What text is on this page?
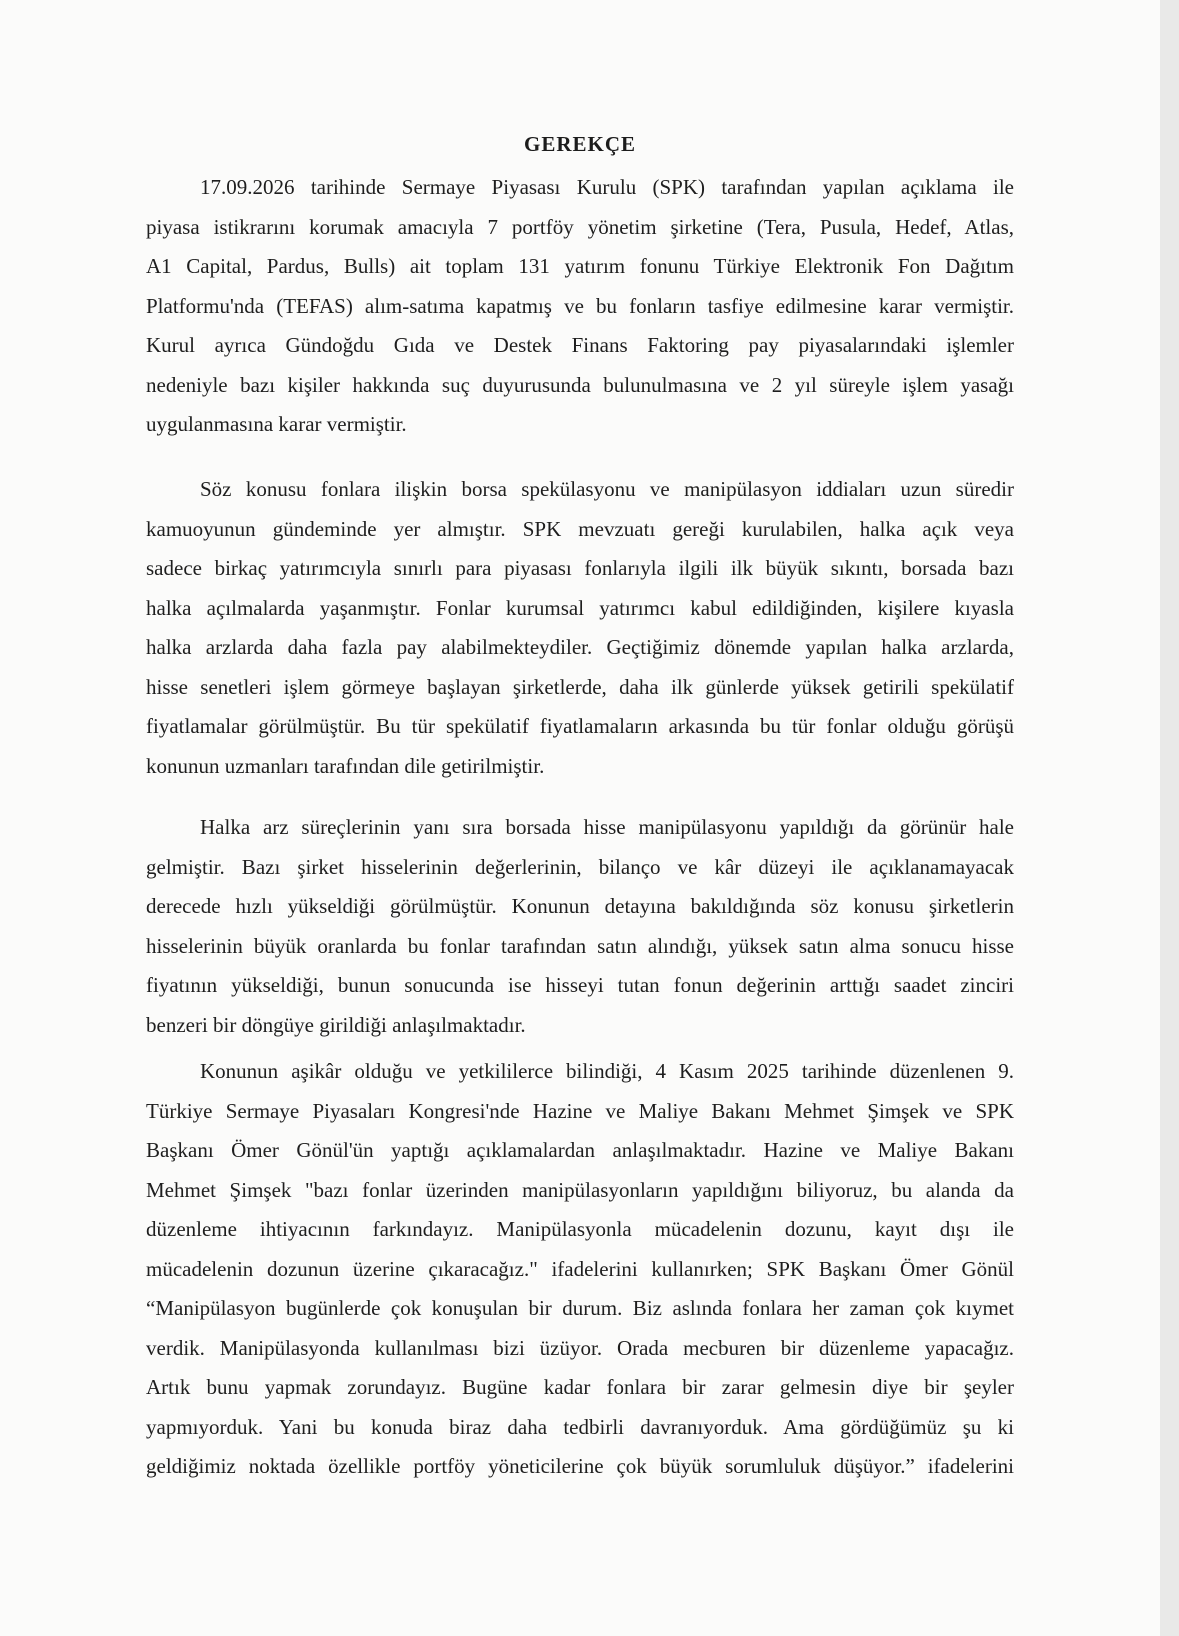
GEREKÇE

17.09.2026 tarihinde Sermaye Piyasası Kurulu (SPK) tarafından yapılan açıklama ile
piyasa istikrarını korumak amacıyla 7 portföy yönetim şirketine (Tera, Pusula, Hedef, Atlas,
A1 Capital, Pardus, Bulls) ait toplam 131 yatırım fonunu Türkiye Elektronik Fon Dağıtım
Platformu'nda (TEFAS) alım-satıma kapatmış ve bu fonların tasfiye edilmesine karar vermiştir.
Kurul ayrıca Gündoğdu Gıda ve Destek Finans Faktoring pay piyasalarındaki işlemler
nedeniyle bazı kişiler hakkında suç duyurusunda bulunulmasına ve 2 yıl süreyle işlem yasağı
uygulanmasına karar vermiştir.

Söz konusu fonlara ilişkin borsa spekülasyonu ve manipülasyon iddiaları uzun süredir
kamuoyunun gündeminde yer almıştır. SPK mevzuatı gereği kurulabilen, halka açık veya
sadece birkaç yatırımcıyla sınırlı para piyasası fonlarıyla ilgili ilk büyük sıkıntı, borsada bazı
halka açılmalarda yaşanmıştır. Fonlar kurumsal yatırımcı kabul edildiğinden, kişilere kıyasla
halka arzlarda daha fazla pay alabilmekteydiler. Geçtiğimiz dönemde yapılan halka arzlarda,
hisse senetleri işlem görmeye başlayan şirketlerde, daha ilk günlerde yüksek getirili spekülatif
fiyatlamalar görülmüştür. Bu tür spekülatif fiyatlamaların arkasında bu tür fonlar olduğu görüşü
konunun uzmanları tarafından dile getirilmiştir.

Halka arz süreçlerinin yanı sıra borsada hisse manipülasyonu yapıldığı da görünür hale
gelmiştir. Bazı şirket hisselerinin değerlerinin, bilanço ve kâr düzeyi ile açıklanamayacak
derecede hızlı yükseldiği görülmüştür. Konunun detayına bakıldığında söz konusu şirketlerin
hisselerinin büyük oranlarda bu fonlar tarafından satın alındığı, yüksek satın alma sonucu hisse
fiyatının yükseldiği, bunun sonucunda ise hisseyi tutan fonun değerinin arttığı saadet zinciri
benzeri bir döngüye girildiği anlaşılmaktadır.

Konunun aşikâr olduğu ve yetkililerce bilindiği, 4 Kasım 2025 tarihinde düzenlenen 9.
Türkiye Sermaye Piyasaları Kongresi'nde Hazine ve Maliye Bakanı Mehmet Şimşek ve SPK
Başkanı Ömer Gönül'ün yaptığı açıklamalardan anlaşılmaktadır. Hazine ve Maliye Bakanı
Mehmet Şimşek "bazı fonlar üzerinden manipülasyonların yapıldığını biliyoruz, bu alanda da
düzenleme ihtiyacının farkındayız. Manipülasyonla mücadelenin dozunu, kayıt dışı ile
mücadelenin dozunun üzerine çıkaracağız." ifadelerini kullanırken; SPK Başkanı Ömer Gönül
“Manipülasyon bugünlerde çok konuşulan bir durum. Biz aslında fonlara her zaman çok kıymet
verdik. Manipülasyonda kullanılması bizi üzüyor. Orada mecburen bir düzenleme yapacağız.
Artık bunu yapmak zorundayız. Bugüne kadar fonlara bir zarar gelmesin diye bir şeyler
yapmıyorduk. Yani bu konuda biraz daha tedbirli davranıyorduk. Ama gördüğümüz şu ki
geldiğimiz noktada özellikle portföy yöneticilerine çok büyük sorumluluk düşüyor.” ifadelerini
